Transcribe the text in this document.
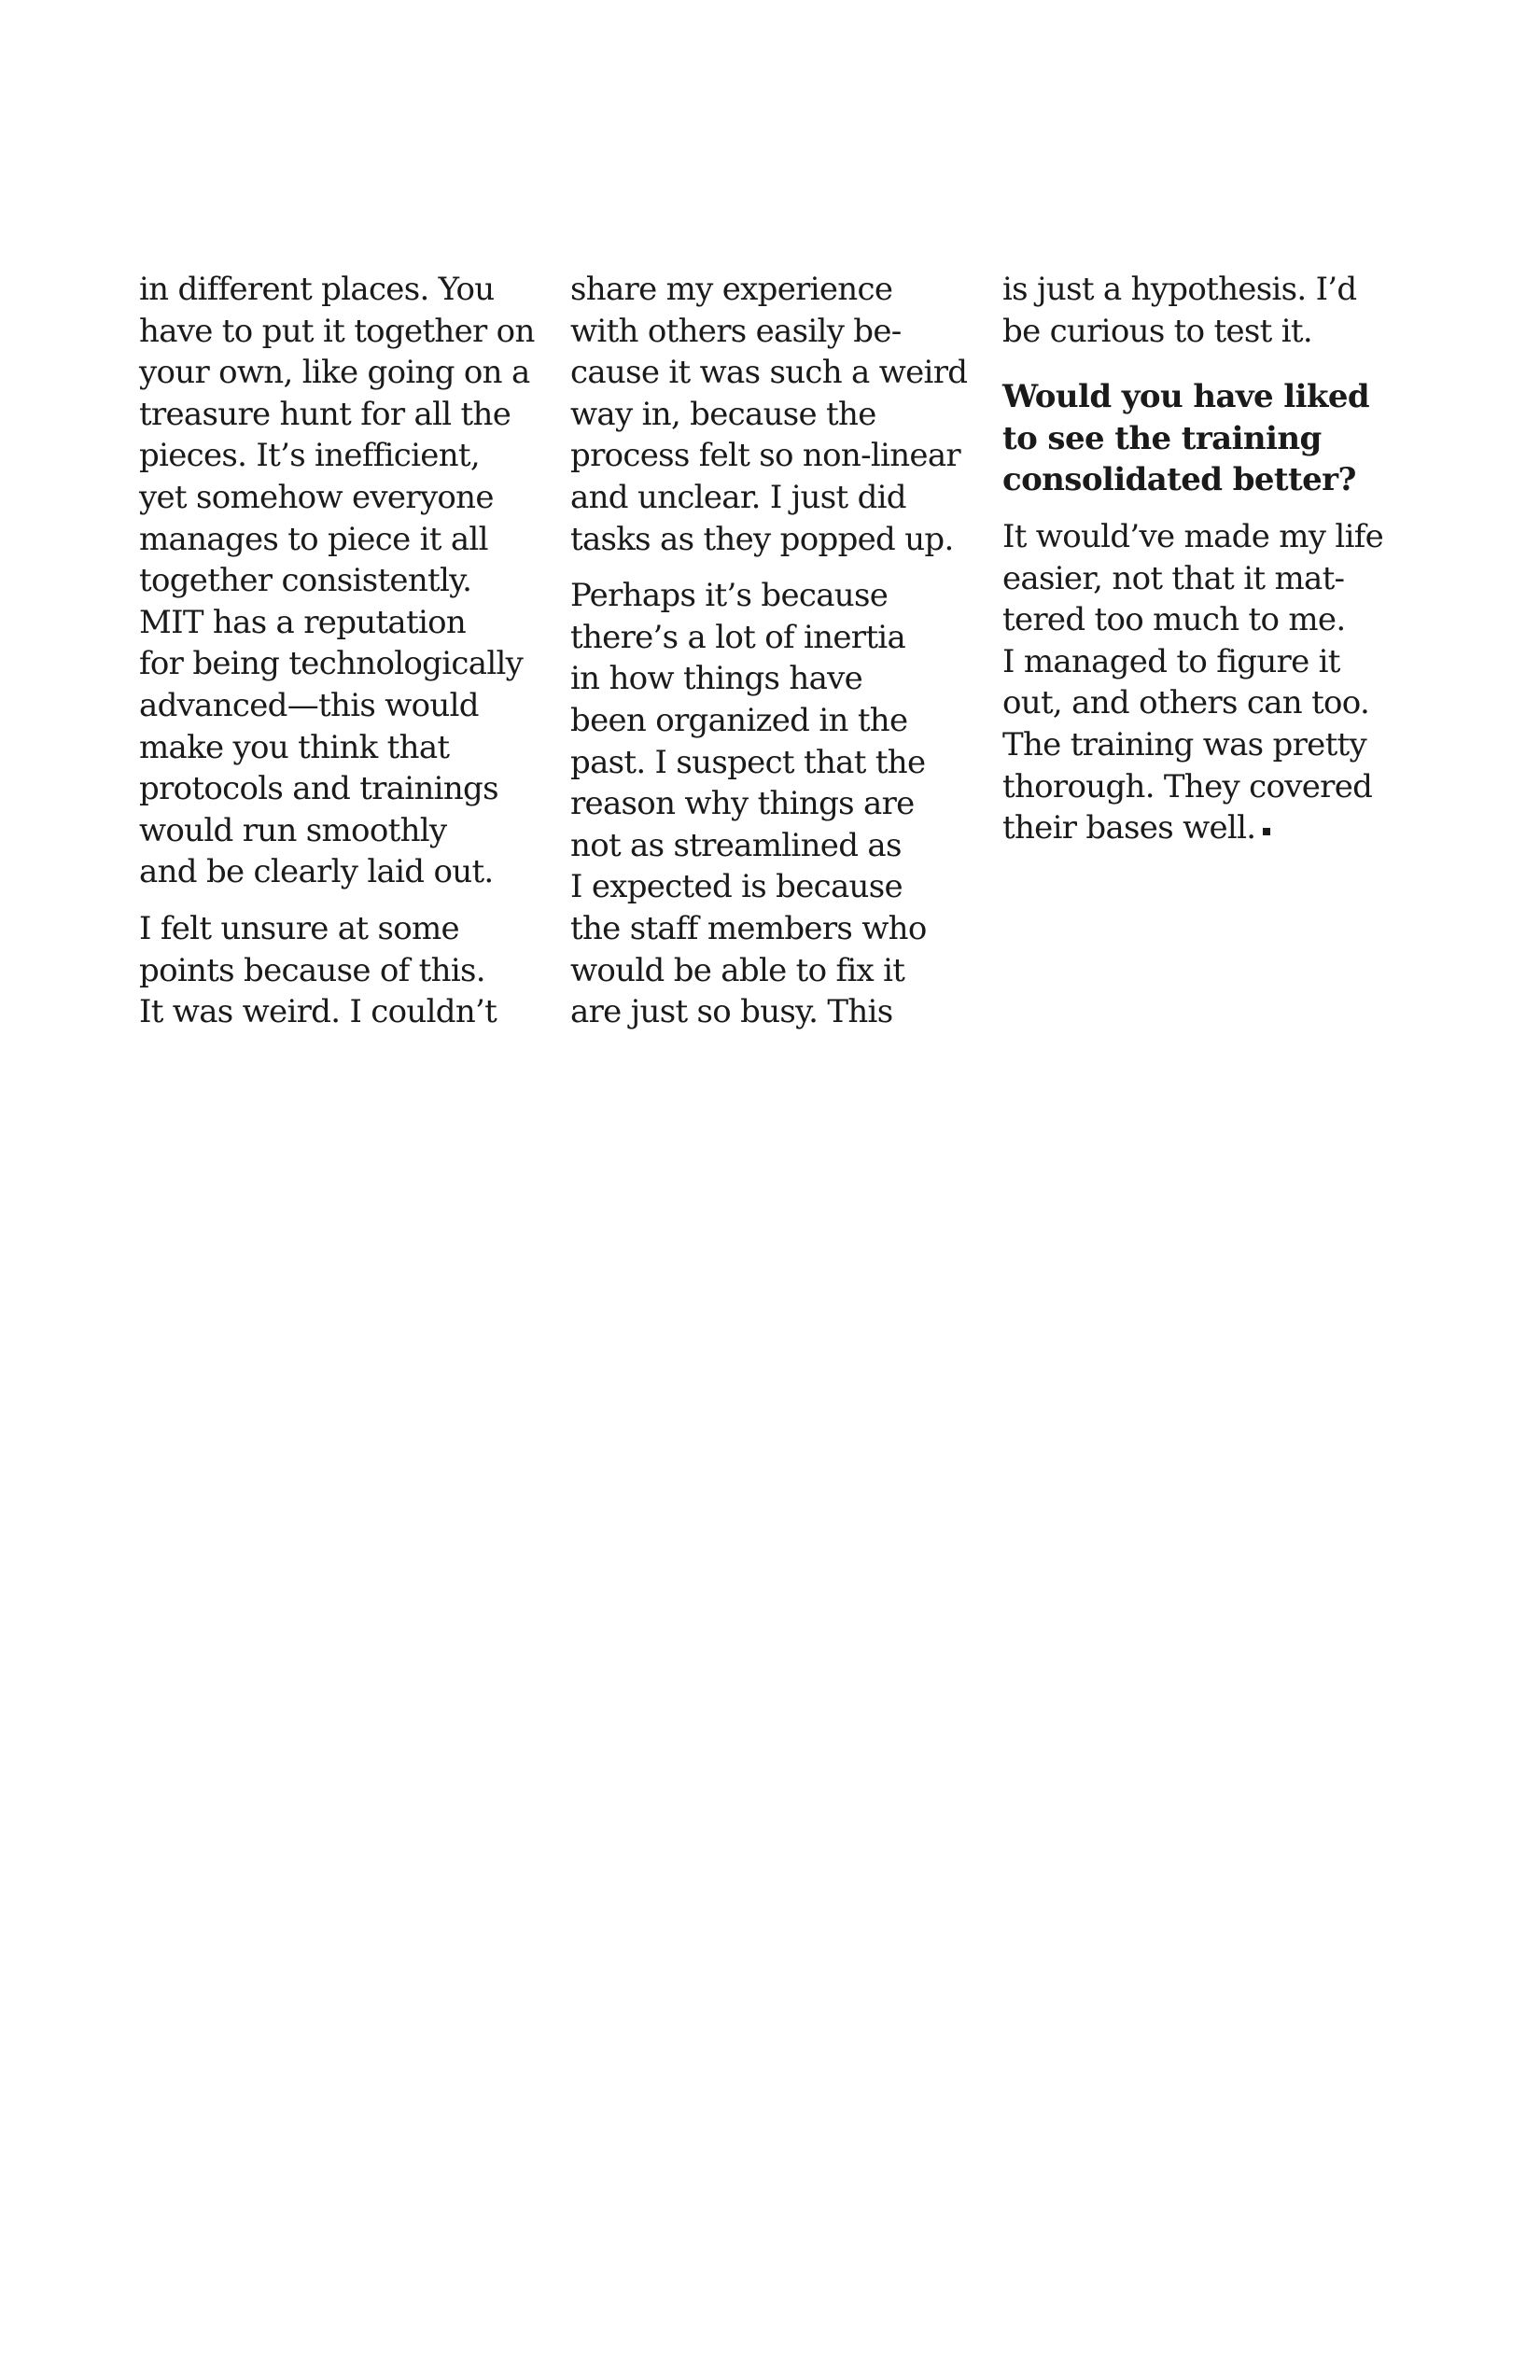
in different places. You
have to put it together on
your own, like going on a
treasure hunt for all the
pieces. It’s inefficient,
yet somehow everyone
manages to piece it all
together consistently.
MIT has a reputation
for being technologically
advanced—this would
make you think that
protocols and trainings
would run smoothly
and be clearly laid out.

I felt unsure at some
points because of this.
It was weird. I couldn’t

share my experience
with others easily be-
cause it was such a weird
way in, because the
process felt so non-linear
and unclear. I just did
tasks as they popped up.

Perhaps it’s because
there’s a lot of inertia
in how things have
been organized in the
past. I suspect that the
reason why things are
not as streamlined as
I expected is because
the staff members who
would be able to fix it
are just so busy. This

is just a hypothesis. I’d
be curious to test it.

Would you have liked
to see the training
consolidated better?

It would’ve made my life
easier, not that it mat-
tered too much to me.
I managed to figure it
out, and others can too.
The training was pretty
thorough. They covered
their bases well.
